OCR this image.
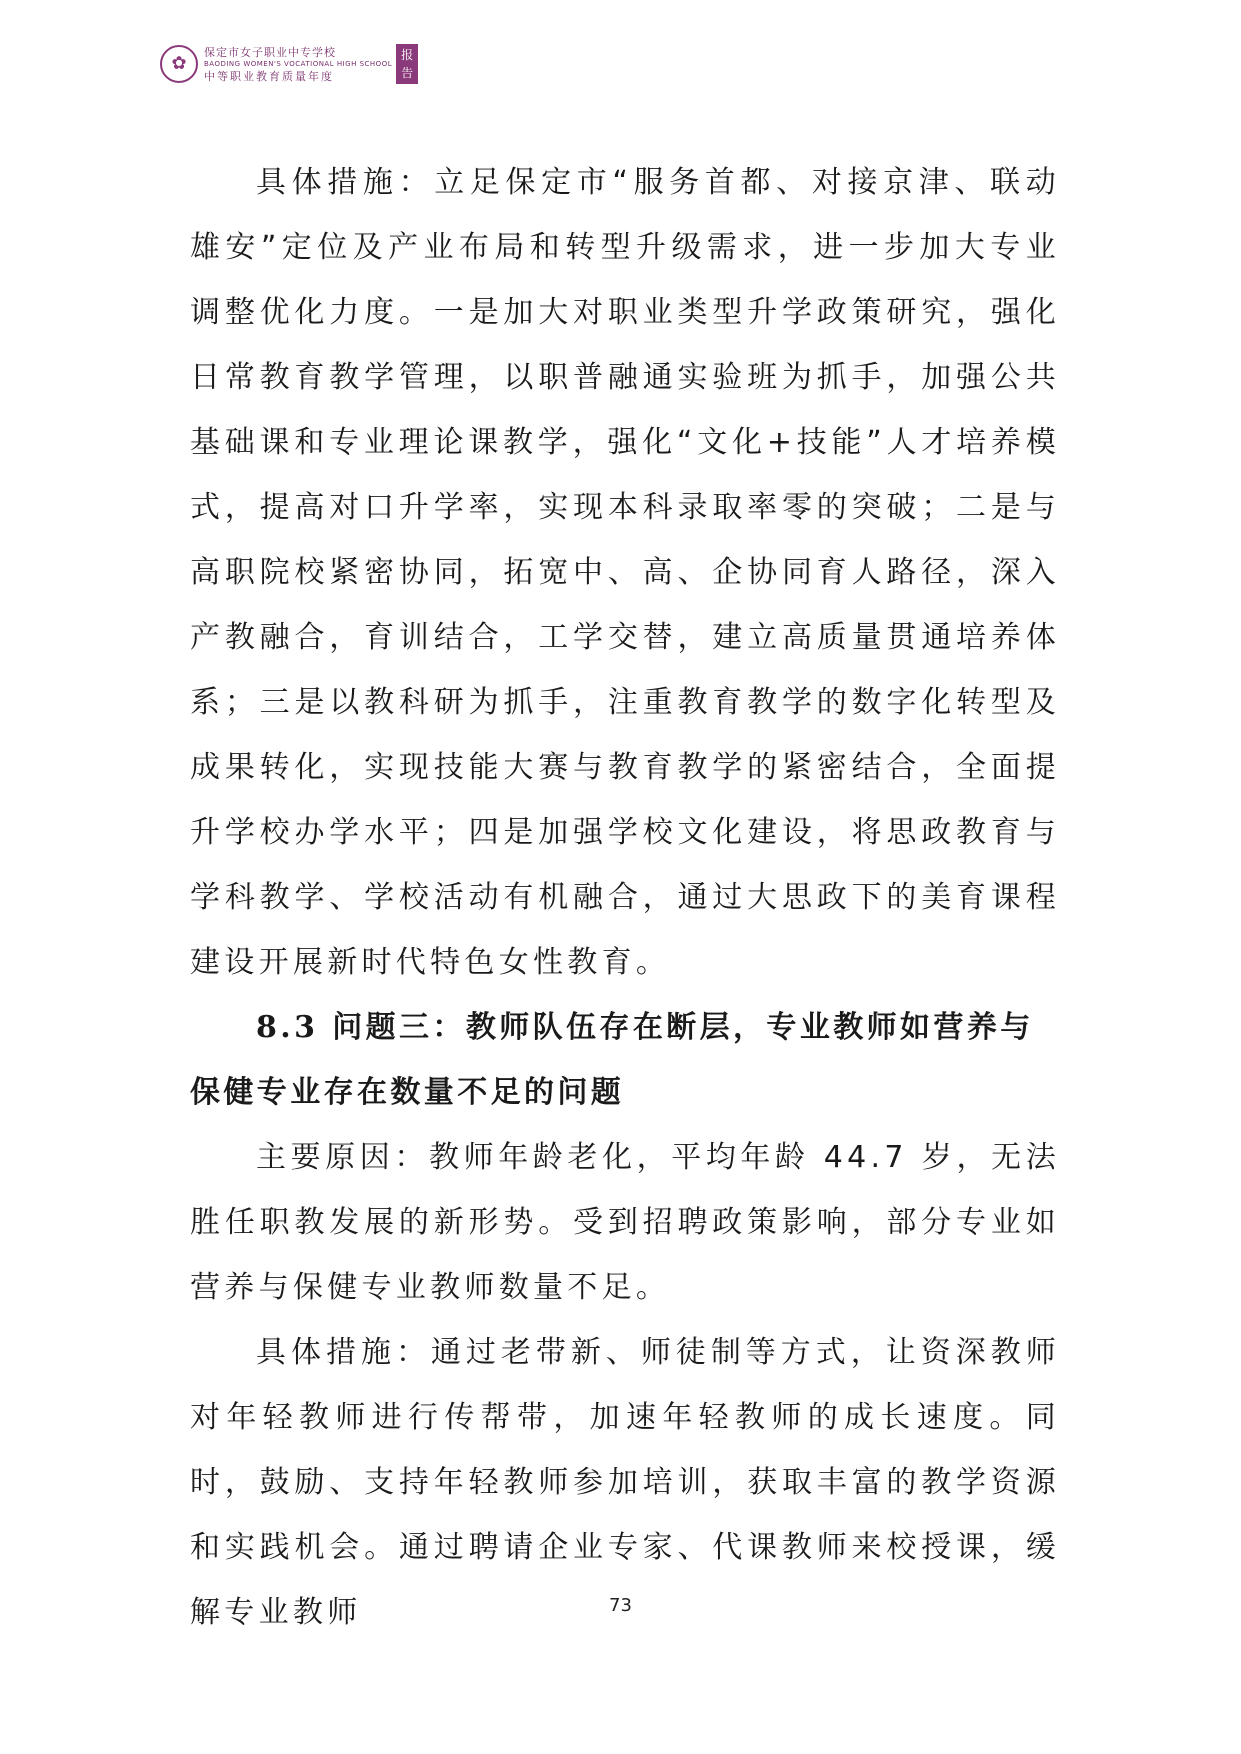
✿
保定市女子职业中专学校
BAODING WOMEN'S VOCATIONAL HIGH SCHOOL
中等职业教育质量年度
报
告

具体措施：立足保定市“服务首都、对接京津、联动雄安”定位及产业布局和转型升级需求，进一步加大专业调整优化力度。一是加大对职业类型升学政策研究，强化日常教育教学管理，以职普融通实验班为抓手，加强公共基础课和专业理论课教学，强化“文化+技能”人才培养模式，提高对口升学率，实现本科录取率零的突破；二是与高职院校紧密协同，拓宽中、高、企协同育人路径，深入产教融合，育训结合，工学交替，建立高质量贯通培养体系；三是以教科研为抓手，注重教育教学的数字化转型及成果转化，实现技能大赛与教育教学的紧密结合，全面提升学校办学水平；四是加强学校文化建设，将思政教育与学科教学、学校活动有机融合，通过大思政下的美育课程建设开展新时代特色女性教育。

8.3 问题三：教师队伍存在断层，专业教师如营养与保健专业存在数量不足的问题

主要原因：教师年龄老化，平均年龄 44.7 岁，无法胜任职教发展的新形势。受到招聘政策影响，部分专业如营养与保健专业教师数量不足。

具体措施：通过老带新、师徒制等方式，让资深教师对年轻教师进行传帮带，加速年轻教师的成长速度。同时，鼓励、支持年轻教师参加培训，获取丰富的教学资源和实践机会。通过聘请企业专家、代课教师来校授课，缓解专业教师	73
